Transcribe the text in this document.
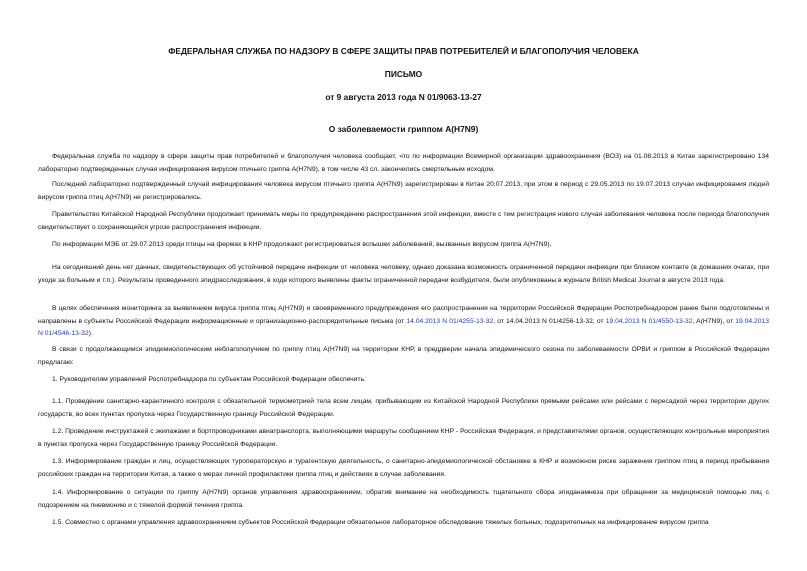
ФЕДЕРАЛЬНАЯ СЛУЖБА ПО НАДЗОРУ В СФЕРЕ ЗАЩИТЫ ПРАВ ПОТРЕБИТЕЛЕЙ И БЛАГОПОЛУЧИЯ ЧЕЛОВЕКА
ПИСЬМО
от 9 августа 2013 года N 01/9063-13-27
О заболеваемости гриппом A(H7N9)

Федеральная служба по надзору в сфере защиты прав потребителей и благополучия человека сообщает, что по информации Всемирной организации здравоохранения (ВОЗ) на 01.08.2013 в Китае зарегистрировано 134 лабораторно подтвержденных случая инфицирования вирусом птичьего гриппа A(H7N9), в том числе 43 сл. закончились смертельным исходом.

Последний лабораторно подтвержденный случай инфицирования человека вирусом птичьего гриппа A(H7N9) зарегистрирован в Китае 20.07.2013, при этом в период с 29.05.2013 по 19.07.2013 случаи инфицирования людей вирусом гриппа птиц A(H7N9) не регистрировались.

Правительство Китайской Народной Республики продолжает принимать меры по предупреждению распространения этой инфекции, вместе с тем регистрация нового случая заболевания человека после периода благополучия свидетельствует о сохраняющейся угрозе распространения инфекции.

По информации МЭБ от 29.07.2013 среди птицы на фермах в КНР продолжают регистрироваться вспышки заболеваний, вызванных вирусом гриппа A(H7N9).

На сегодняшний день нет данных, свидетельствующих об устойчивой передаче инфекции от человека человеку, однако доказана возможность ограниченной передачи инфекции при близком контакте (в домашних очагах, при уходе за больным и т.п.). Результаты проведенного эпидрасследования, в ходе которого выявлены факты ограниченной передачи возбудителя, были опубликованы в журнале British Medical Journal в августе 2013 года.

В целях обеспечения мониторинга за выявлением вируса гриппа птиц A(H7N9) и своевременного предупреждения его распространения на территории Российской Федерации Роспотребнадзором ранее были подготовлены и направлены в субъекты Российской Федерации информационные и организационно-распорядительные письма (от 14.04.2013 N 01/4255-13-32, от 14.04.2013 N 01/4256-13-32, от 19.04.2013 N 01/4550-13-32, A(H7N9), от 19.04.2013 N 01/4546-13-32).

В связи с продолжающимся эпидемиологическим неблагополучием по гриппу птиц A(H7N9) на территории КНР, в преддверии начала эпидемического сезона по заболеваемости ОРВИ и гриппом в Российской Федерации предлагаю:

1. Руководителям управлений Роспотребнадзора по субъектам Российской Федерации обеспечить:

1.1. Проведение санитарно-карантинного контроля с обязательной термометрией тела всем лицам, прибывающим из Китайской Народной Республики прямыми рейсами или рейсами с пересадкой через территории других государств, во всех пунктах пропуска через Государственную границу Российской Федерации.

1.2. Проведение инструктажей с экипажами и бортпроводниками авиатранспорта, выполняющими маршруты сообщением КНР - Российская Федерация, и представителями органов, осуществляющих контрольные мероприятия в пунктах пропуска через Государственную границу Российской Федерации.

1.3. Информирование граждан и лиц, осуществляющих туроператорскую и турагентскую деятельность, о санитарно-эпидемиологической обстановке в КНР и возможном риске заражения гриппом птиц в период пребывания российских граждан на территории Китая, а также о мерах личной профилактики гриппа птиц и действиях в случае заболевания.

1.4. Информирование о ситуации по гриппу A(H7N9) органов управления здравоохранением, обратив внимание на необходимость тщательного сбора эпиданамнеза при обращении за медицинской помощью лиц с подозрением на пневмонию и с тяжелой формой течения гриппа.

1.5. Совместно с органами управления здравоохранением субъектов Российской Федерации обязательное лабораторное обследование тяжелых больных, подозрительных на инфицирование вирусом гриппа
